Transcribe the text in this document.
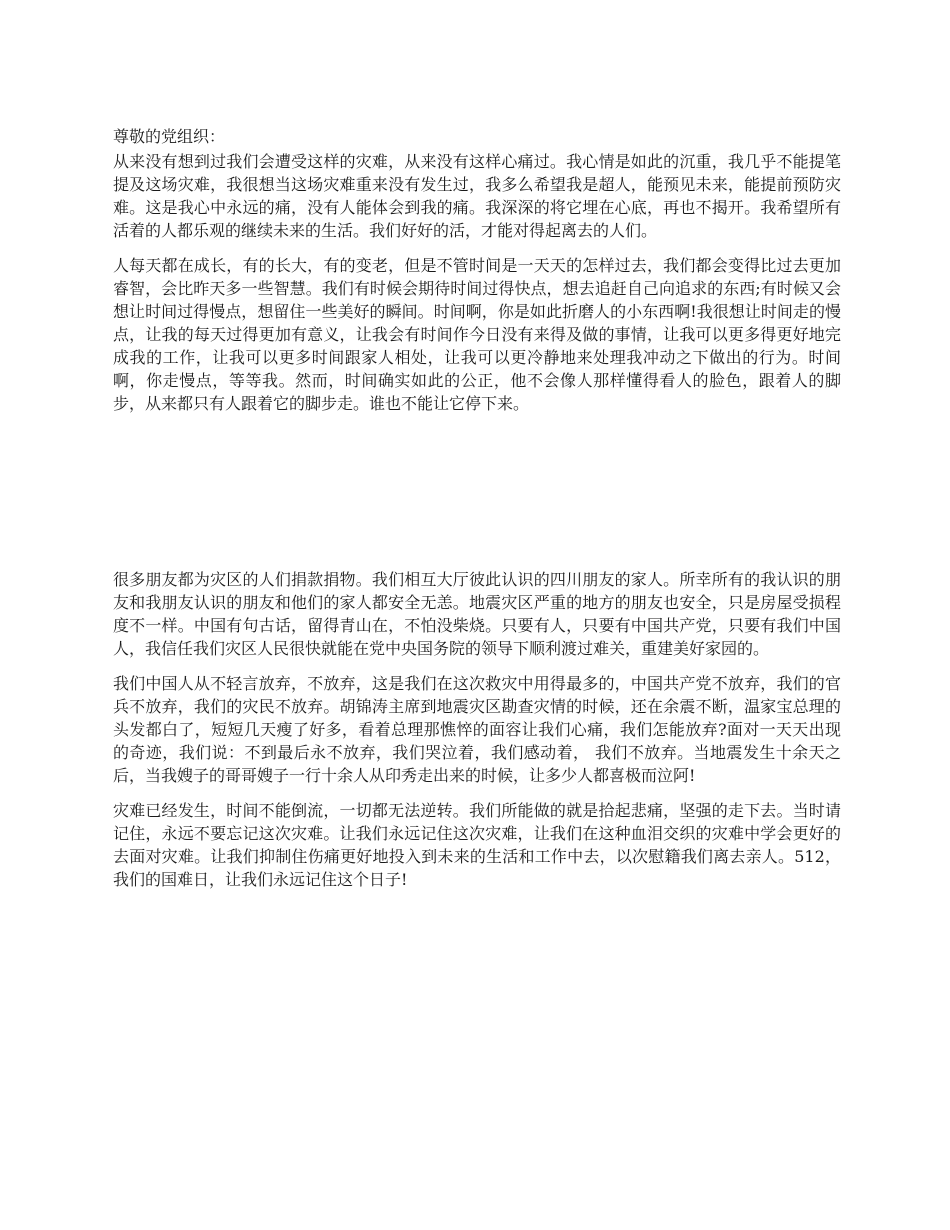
尊敬的党组织：

从来没有想到过我们会遭受这样的灾难，从来没有这样心痛过。我心情是如此的沉重，我几乎不能提笔提及这场灾难，我很想当这场灾难重来没有发生过，我多么希望我是超人，能预见未来，能提前预防灾难。这是我心中永远的痛，没有人能体会到我的痛。我深深的将它埋在心底，再也不揭开。我希望所有活着的人都乐观的继续未来的生活。我们好好的活，才能对得起离去的人们。

人每天都在成长，有的长大，有的变老，但是不管时间是一天天的怎样过去，我们都会变得比过去更加睿智，会比昨天多一些智慧。我们有时候会期待时间过得快点，想去追赶自己向追求的东西;有时候又会想让时间过得慢点，想留住一些美好的瞬间。时间啊，你是如此折磨人的小东西啊!我很想让时间走的慢点，让我的每天过得更加有意义，让我会有时间作今日没有来得及做的事情，让我可以更多得更好地完成我的工作，让我可以更多时间跟家人相处，让我可以更冷静地来处理我冲动之下做出的行为。时间啊，你走慢点，等等我。然而，时间确实如此的公正，他不会像人那样懂得看人的脸色，跟着人的脚步，从来都只有人跟着它的脚步走。谁也不能让它停下来。

很多朋友都为灾区的人们捐款捐物。我们相互大厅彼此认识的四川朋友的家人。所幸所有的我认识的朋友和我朋友认识的朋友和他们的家人都安全无恙。地震灾区严重的地方的朋友也安全，只是房屋受损程度不一样。中国有句古话，留得青山在，不怕没柴烧。只要有人，只要有中国共产党，只要有我们中国人，我信任我们灾区人民很快就能在党中央国务院的领导下顺利渡过难关，重建美好家园的。

我们中国人从不轻言放弃，不放弃，这是我们在这次救灾中用得最多的，中国共产党不放弃，我们的官兵不放弃，我们的灾民不放弃。胡锦涛主席到地震灾区勘查灾情的时候，还在余震不断，温家宝总理的头发都白了，短短几天瘦了好多，看着总理那憔悴的面容让我们心痛，我们怎能放弃?面对一天天出现的奇迹，我们说：不到最后永不放弃，我们哭泣着，我们感动着， 我们不放弃。当地震发生十余天之后，当我嫂子的哥哥嫂子一行十余人从印秀走出来的时候，让多少人都喜极而泣阿!

灾难已经发生，时间不能倒流，一切都无法逆转。我们所能做的就是拾起悲痛，坚强的走下去。当时请记住，永远不要忘记这次灾难。让我们永远记住这次灾难，让我们在这种血泪交织的灾难中学会更好的去面对灾难。让我们抑制住伤痛更好地投入到未来的生活和工作中去，以次慰籍我们离去亲人。512，我们的国难日，让我们永远记住这个日子!
